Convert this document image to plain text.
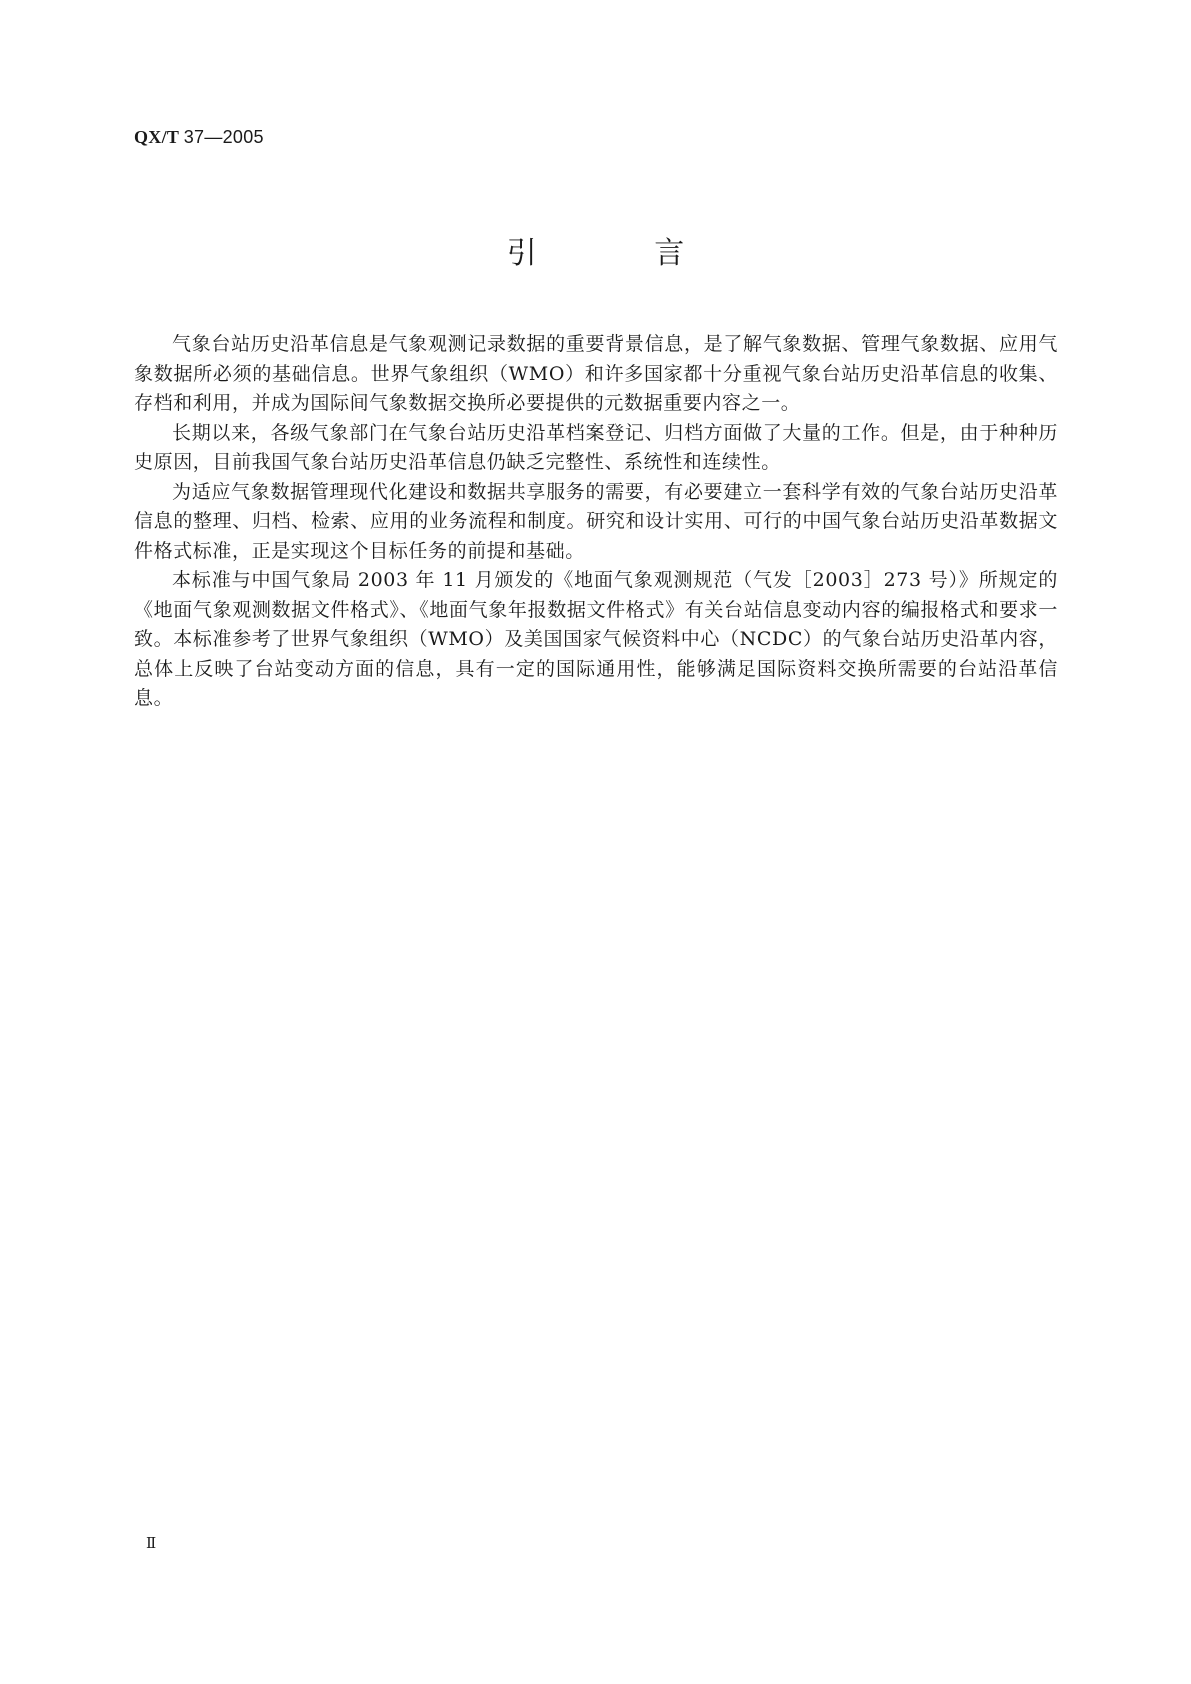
QX/T 37—2005
引 言

气象台站历史沿革信息是气象观测记录数据的重要背景信息，是了解气象数据、管理气象数据、应用气象数据所必须的基础信息。世界气象组织（WMO）和许多国家都十分重视气象台站历史沿革信息的收集、存档和利用，并成为国际间气象数据交换所必要提供的元数据重要内容之一。

长期以来，各级气象部门在气象台站历史沿革档案登记、归档方面做了大量的工作。但是，由于种种历史原因，目前我国气象台站历史沿革信息仍缺乏完整性、系统性和连续性。

为适应气象数据管理现代化建设和数据共享服务的需要，有必要建立一套科学有效的气象台站历史沿革信息的整理、归档、检索、应用的业务流程和制度。研究和设计实用、可行的中国气象台站历史沿革数据文件格式标准，正是实现这个目标任务的前提和基础。

本标准与中国气象局 2003 年 11 月颁发的《地面气象观测规范（气发［2003］273 号）》所规定的《地面气象观测数据文件格式》、《地面气象年报数据文件格式》有关台站信息变动内容的编报格式和要求一致。本标准参考了世界气象组织（WMO）及美国国家气候资料中心（NCDC）的气象台站历史沿革内容，总体上反映了台站变动方面的信息，具有一定的国际通用性，能够满足国际资料交换所需要的台站沿革信息。

Ⅱ
